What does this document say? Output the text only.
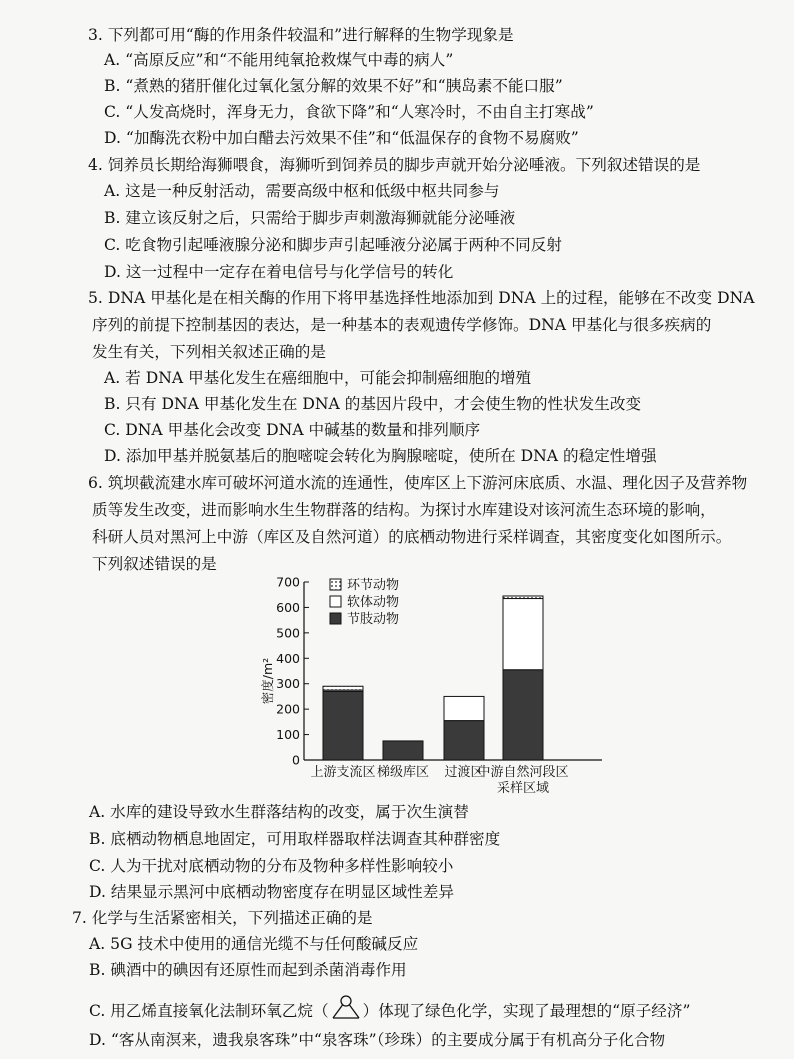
3. 下列都可用“酶的作用条件较温和”进行解释的生物学现象是
A. “高原反应”和“不能用纯氧抢救煤气中毒的病人”
B. “煮熟的猪肝催化过氧化氢分解的效果不好”和“胰岛素不能口服”
C. “人发高烧时，浑身无力，食欲下降”和“人寒冷时，不由自主打寒战”
D. “加酶洗衣粉中加白醋去污效果不佳”和“低温保存的食物不易腐败”
4. 饲养员长期给海狮喂食，海狮听到饲养员的脚步声就开始分泌唾液。下列叙述错误的是
A. 这是一种反射活动，需要高级中枢和低级中枢共同参与
B. 建立该反射之后，只需给于脚步声刺激海狮就能分泌唾液
C. 吃食物引起唾液腺分泌和脚步声引起唾液分泌属于两种不同反射
D. 这一过程中一定存在着电信号与化学信号的转化
5. DNA 甲基化是在相关酶的作用下将甲基选择性地添加到 DNA 上的过程，能够在不改变 DNA
序列的前提下控制基因的表达，是一种基本的表观遗传学修饰。DNA 甲基化与很多疾病的
发生有关，下列相关叙述正确的是
A. 若 DNA 甲基化发生在癌细胞中，可能会抑制癌细胞的增殖
B. 只有 DNA 甲基化发生在 DNA 的基因片段中，才会使生物的性状发生改变
C. DNA 甲基化会改变 DNA 中碱基的数量和排列顺序
D. 添加甲基并脱氨基后的胞嘧啶会转化为胸腺嘧啶，使所在 DNA 的稳定性增强
6. 筑坝截流建水库可破坏河道水流的连通性，使库区上下游河床底质、水温、理化因子及营养物
质等发生改变，进而影响水生生物群落的结构。为探讨水库建设对该河流生态环境的影响，
科研人员对黑河上中游（库区及自然河道）的底栖动物进行采样调查，其密度变化如图所示。
下列叙述错误的是
0
100
200
300
400
500
600
700
密度/m²
环节动物
软体动物
节肢动物
上游支流区 梯级库区 过渡区
中游自然河段区
采样区域
A. 水库的建设导致水生群落结构的改变，属于次生演替
B. 底栖动物栖息地固定，可用取样器取样法调查其种群密度
C. 人为干扰对底栖动物的分布及物种多样性影响较小
D. 结果显示黑河中底栖动物密度存在明显区域性差异
7. 化学与生活紧密相关，下列描述正确的是
A. 5G 技术中使用的通信光缆不与任何酸碱反应
B. 碘酒中的碘因有还原性而起到杀菌消毒作用
C. 用乙烯直接氧化法制环氧乙烷（ ）体现了绿色化学，实现了最理想的“原子经济”
D. “客从南溟来，遗我泉客珠”中“泉客珠”（珍珠）的主要成分属于有机高分子化合物
